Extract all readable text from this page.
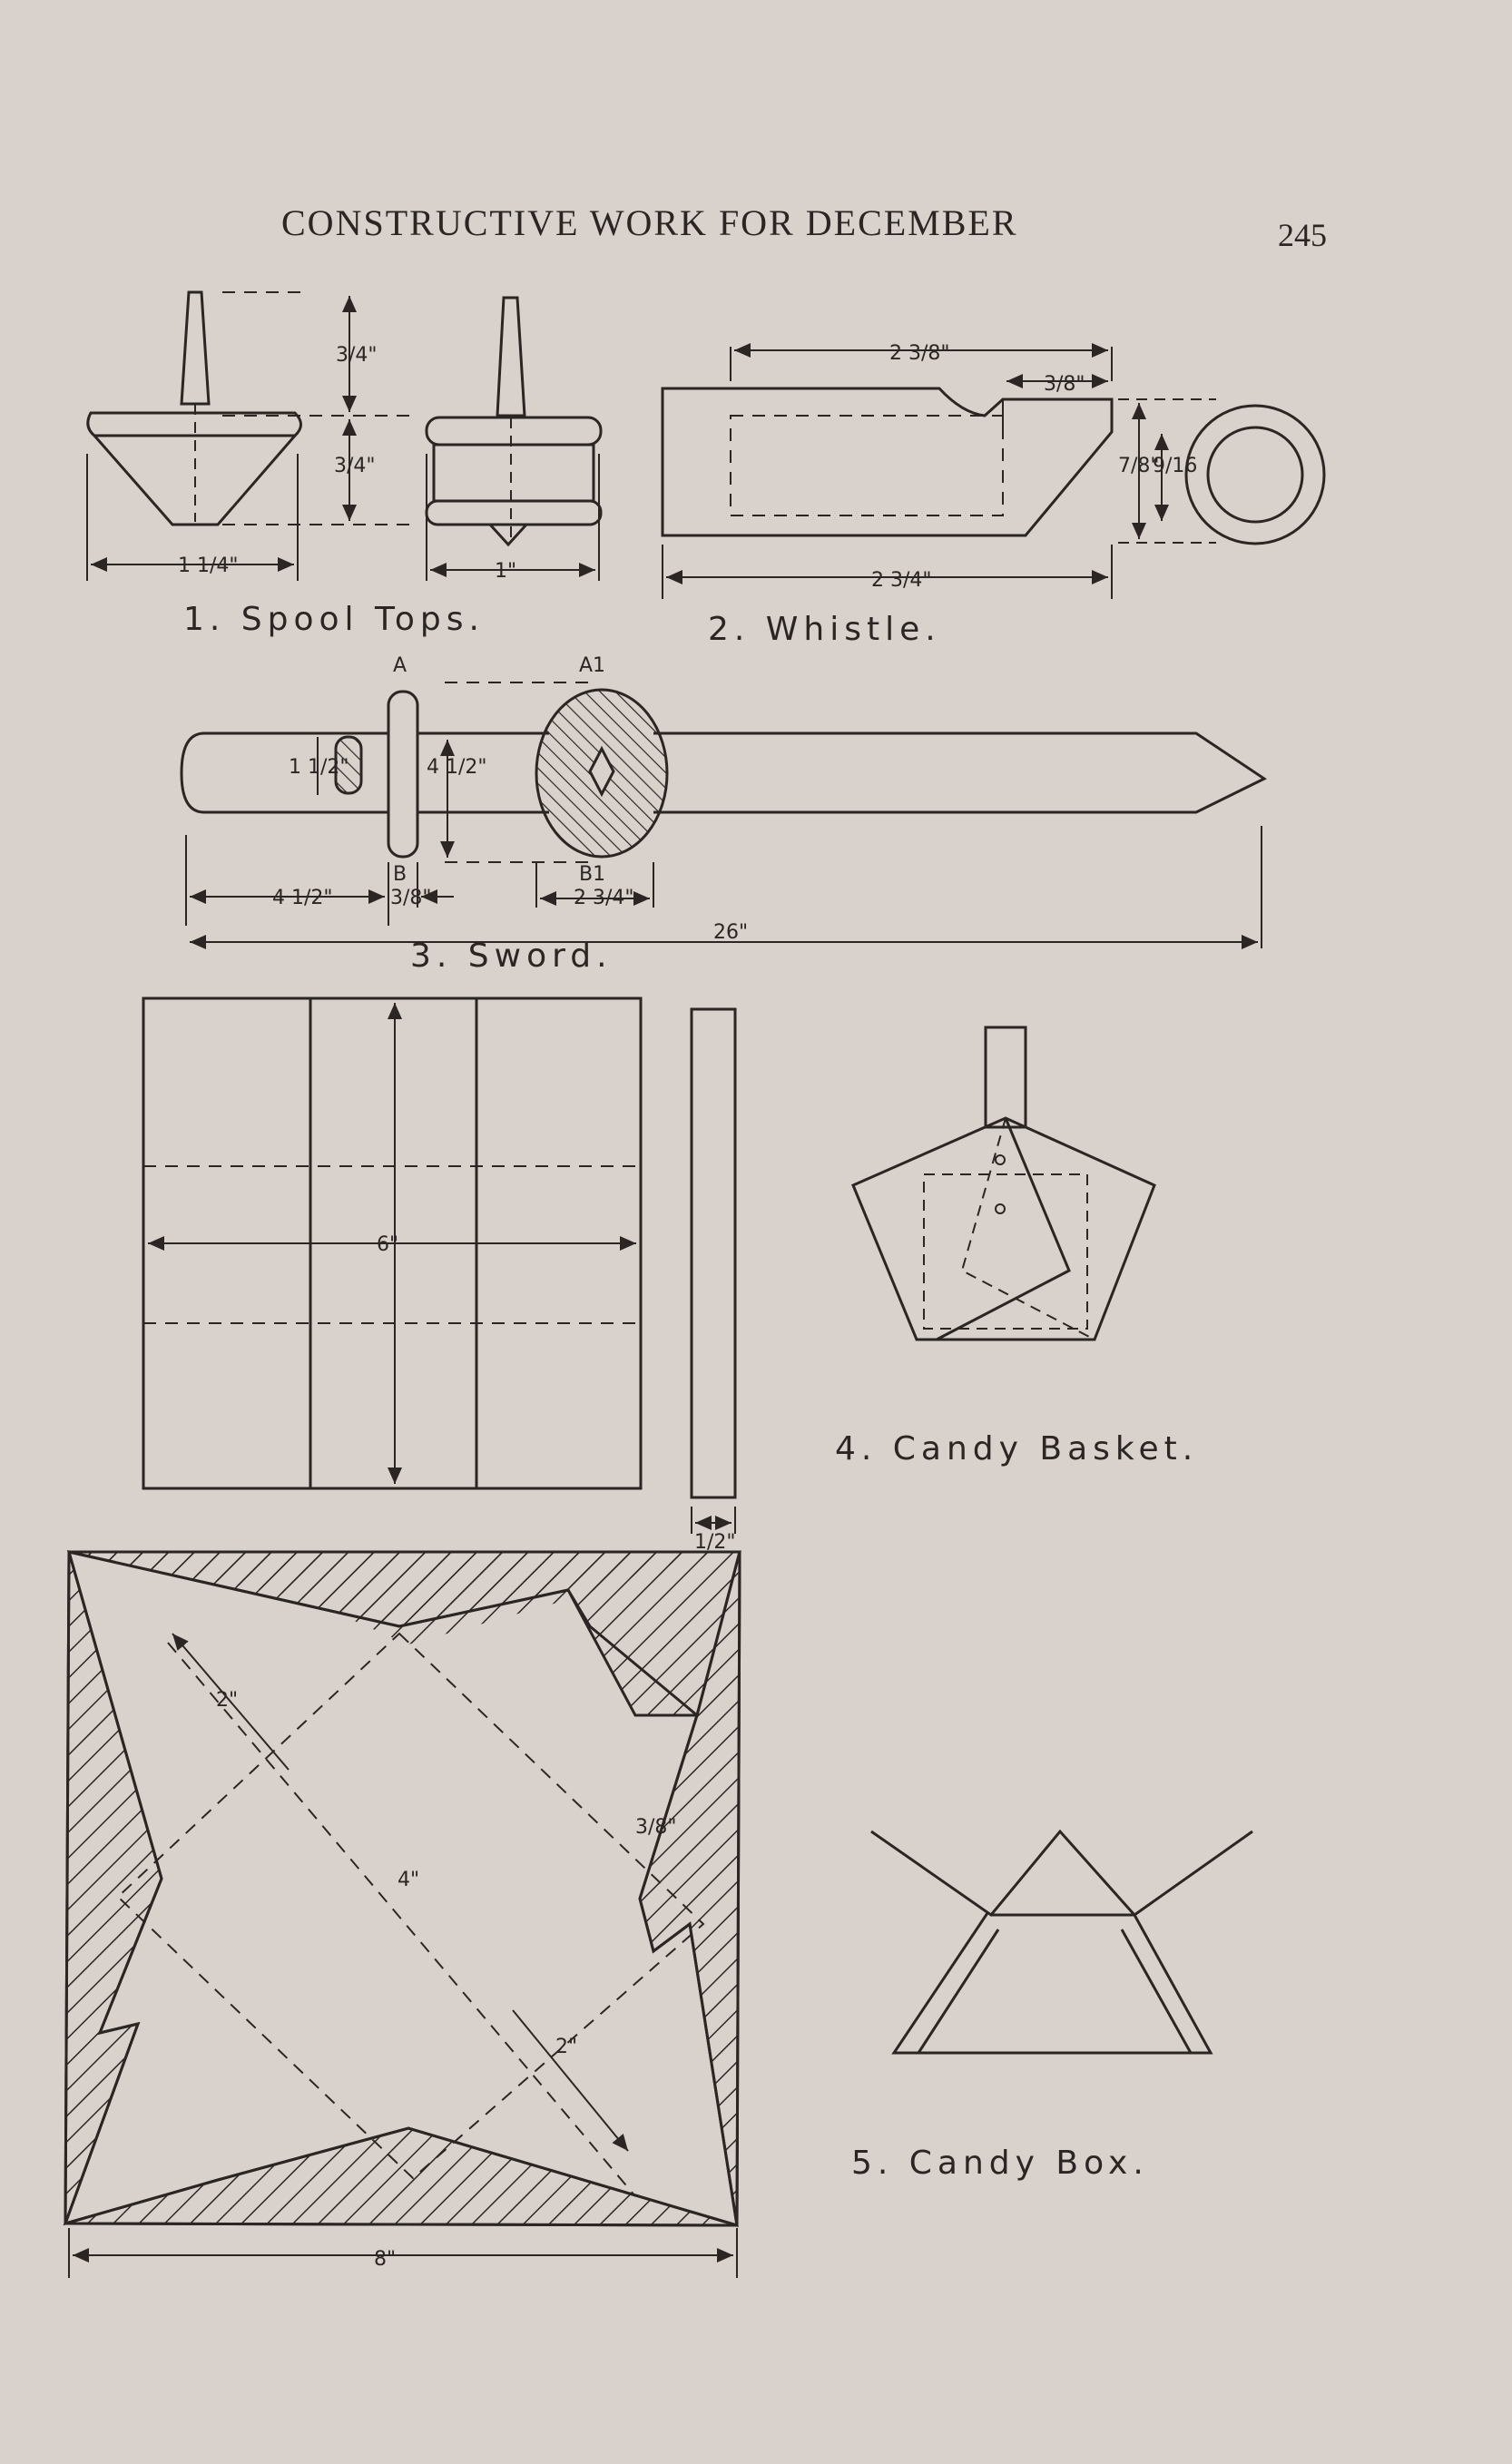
CONSTRUCTIVE WORK FOR DECEMBER	245
1. Spool Tops.	2. Whistle.
3. Sword.
4. Candy Basket.
5. Candy Box.
3/4"
3/4"
1 1/4"	1"
2 3/8"
3/8"
2 3/4"
7/8"
9/16
A	A1
B	B1
1 1/2"	4 1/2"
4 1/2"	3/8"	2 3/4"
26"
6"
1/2"
2"
4"
2"
3/8"
8"
